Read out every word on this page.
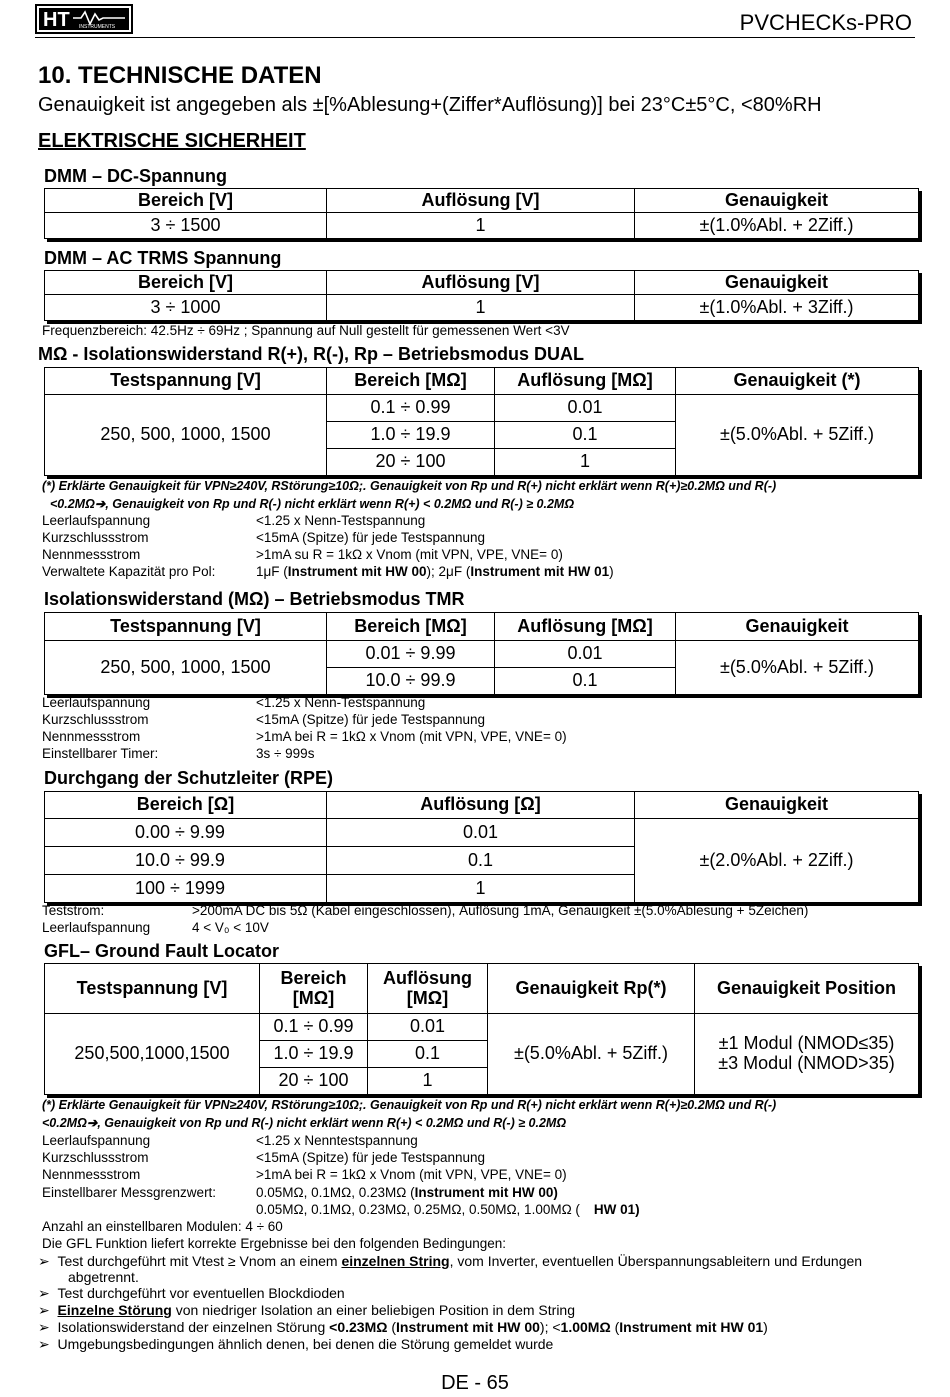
HT INSTRUMENTS	PVCHECKs-PRO
10. TECHNISCHE DATEN
Genauigkeit ist angegeben als ±[%Ablesung+(Ziffer*Auflösung)] bei 23°C±5°C, <80%RH
ELEKTRISCHE SICHERHEIT
DMM – DC-Spannung
Bereich [V]	Auflösung [V]	Genauigkeit
3 ÷ 1500	1	±(1.0%Abl. + 2Ziff.)
DMM – AC TRMS Spannung
Bereich [V]	Auflösung [V]	Genauigkeit
3 ÷ 1000	1	±(1.0%Abl. + 3Ziff.)
Frequenzbereich: 42.5Hz ÷ 69Hz ; Spannung auf Null gestellt für gemessenen Wert <3V
MΩ - Isolationswiderstand R(+), R(-), Rp – Betriebsmodus DUAL
Testspannung [V]	Bereich [MΩ]	Auflösung [MΩ]	Genauigkeit (*)
250, 500, 1000, 1500	0.1 ÷ 0.99	0.01	±(5.0%Abl. + 5Ziff.)
	1.0 ÷ 19.9	0.1	
	20 ÷ 100	1	
(*) Erklärte Genauigkeit für VPN≥240V, RStörung≥10Ω;. Genauigkeit von Rp und R(+) nicht erklärt wenn R(+)≥0.2MΩ und R(-)
<0.2MΩ➔, Genauigkeit von Rp und R(-) nicht erklärt wenn R(+) < 0.2MΩ und R(-) ≥ 0.2MΩ
Leerlaufspannung	<1.25 x Nenn-Testspannung
Kurzschlussstrom	<15mA (Spitze) für jede Testspannung
Nennmessstrom	>1mA su R = 1kΩ x Vnom (mit VPN, VPE, VNE= 0)
Verwaltete Kapazität pro Pol:	1μF (Instrument mit HW 00); 2μF (Instrument mit HW 01)
Isolationswiderstand (MΩ) – Betriebsmodus TMR
Testspannung [V]	Bereich [MΩ]	Auflösung [MΩ]	Genauigkeit
250, 500, 1000, 1500	0.01 ÷ 9.99	0.01	±(5.0%Abl. + 5Ziff.)
	10.0 ÷ 99.9	0.1	
Leerlaufspannung	<1.25 x Nenn-Testspannung
Kurzschlussstrom	<15mA (Spitze) für jede Testspannung
Nennmessstrom	>1mA bei R = 1kΩ x Vnom (mit VPN, VPE, VNE= 0)
Einstellbarer Timer:	3s ÷ 999s
Durchgang der Schutzleiter (RPE)
Bereich [Ω]	Auflösung [Ω]	Genauigkeit
0.00 ÷ 9.99	0.01	±(2.0%Abl. + 2Ziff.)
10.0 ÷ 99.9	0.1	
100 ÷ 1999	1	
Teststrom:	>200mA DC bis 5Ω (Kabel eingeschlossen), Auflösung 1mA, Genauigkeit ±(5.0%Ablesung + 5Zeichen)
Leerlaufspannung	4 < V₀ < 10V
GFL– Ground Fault Locator
Testspannung [V]	Bereich [MΩ]	Auflösung [MΩ]	Genauigkeit Rp(*)	Genauigkeit Position
250,500,1000,1500	0.1 ÷ 0.99	0.01	±(5.0%Abl. + 5Ziff.)	±1 Modul (NMOD≤35)
±3 Modul (NMOD>35)

	1.0 ÷ 19.9	0.1		
	20 ÷ 100	1		
(*) Erklärte Genauigkeit für VPN≥240V, RStörung≥10Ω;. Genauigkeit von Rp und R(+) nicht erklärt wenn R(+)≥0.2MΩ und R(-)
<0.2MΩ➔, Genauigkeit von Rp und R(-) nicht erklärt wenn R(+) < 0.2MΩ und R(-) ≥ 0.2MΩ
Leerlaufspannung	<1.25 x Nenntestspannung
Kurzschlussstrom	<15mA (Spitze) für jede Testspannung
Nennmessstrom	>1mA bei R = 1kΩ x Vnom (mit VPN, VPE, VNE= 0)
Einstellbarer Messgrenzwert:	0.05MΩ, 0.1MΩ, 0.23MΩ (Instrument mit HW 00)
0.05MΩ, 0.1MΩ, 0.23MΩ, 0.25MΩ, 0.50MΩ, 1.00MΩ ( HW 01)
Anzahl an einstellbaren Modulen: 4 ÷ 60
Die GFL Funktion liefert korrekte Ergebnisse bei den folgenden Bedingungen:
➢ Test durchgeführt mit Vtest ≥ Vnom an einem einzelnen String, vom Inverter, eventuellen Überspannungsableitern und Erdungen
abgetrennt.
➢ Test durchgeführt vor eventuellen Blockdioden
➢ Einzelne Störung von niedriger Isolation an einer beliebigen Position in dem String
➢ Isolationswiderstand der einzelnen Störung <0.23MΩ (Instrument mit HW 00); <1.00MΩ (Instrument mit HW 01)
➢ Umgebungsbedingungen ähnlich denen, bei denen die Störung gemeldet wurde
DE - 65
